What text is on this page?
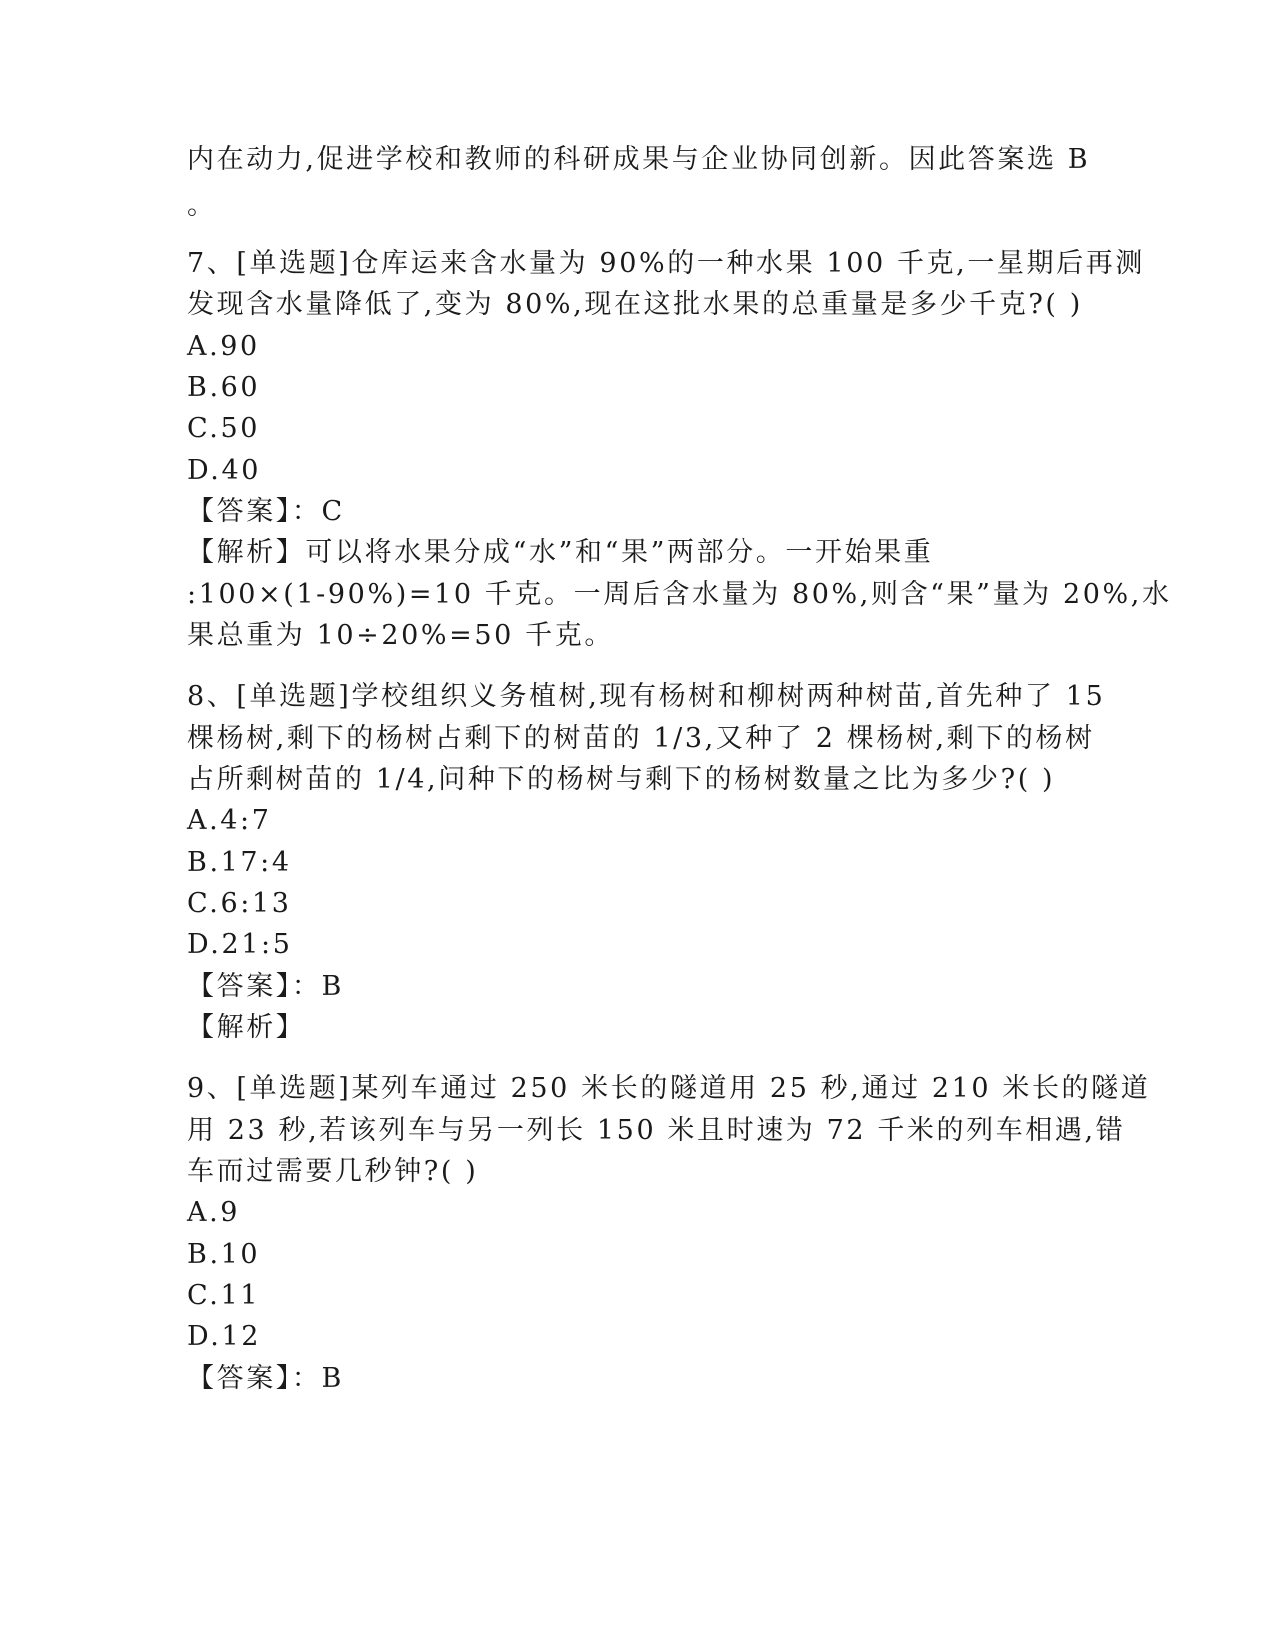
内在动力,促进学校和教师的科研成果与企业协同创新。因此答案选 B
。
7、[单选题]仓库运来含水量为 90%的一种水果 100 千克,一星期后再测
发现含水量降低了,变为 80%,现在这批水果的总重量是多少千克?( )
A.90
B.60
C.50
D.40
【答案】：C
【解析】可以将水果分成“水”和“果”两部分。一开始果重
:100×(1-90%)=10 千克。一周后含水量为 80%,则含“果”量为 20%,水
果总重为 10÷20%=50 千克。
8、[单选题]学校组织义务植树,现有杨树和柳树两种树苗,首先种了 15
棵杨树,剩下的杨树占剩下的树苗的 1/3,又种了 2 棵杨树,剩下的杨树
占所剩树苗的 1/4,问种下的杨树与剩下的杨树数量之比为多少?( )
A.4:7
B.17:4
C.6:13
D.21:5
【答案】：B
【解析】
9、[单选题]某列车通过 250 米长的隧道用 25 秒,通过 210 米长的隧道
用 23 秒,若该列车与另一列长 150 米且时速为 72 千米的列车相遇,错
车而过需要几秒钟?( )
A.9
B.10
C.11
D.12
【答案】：B
